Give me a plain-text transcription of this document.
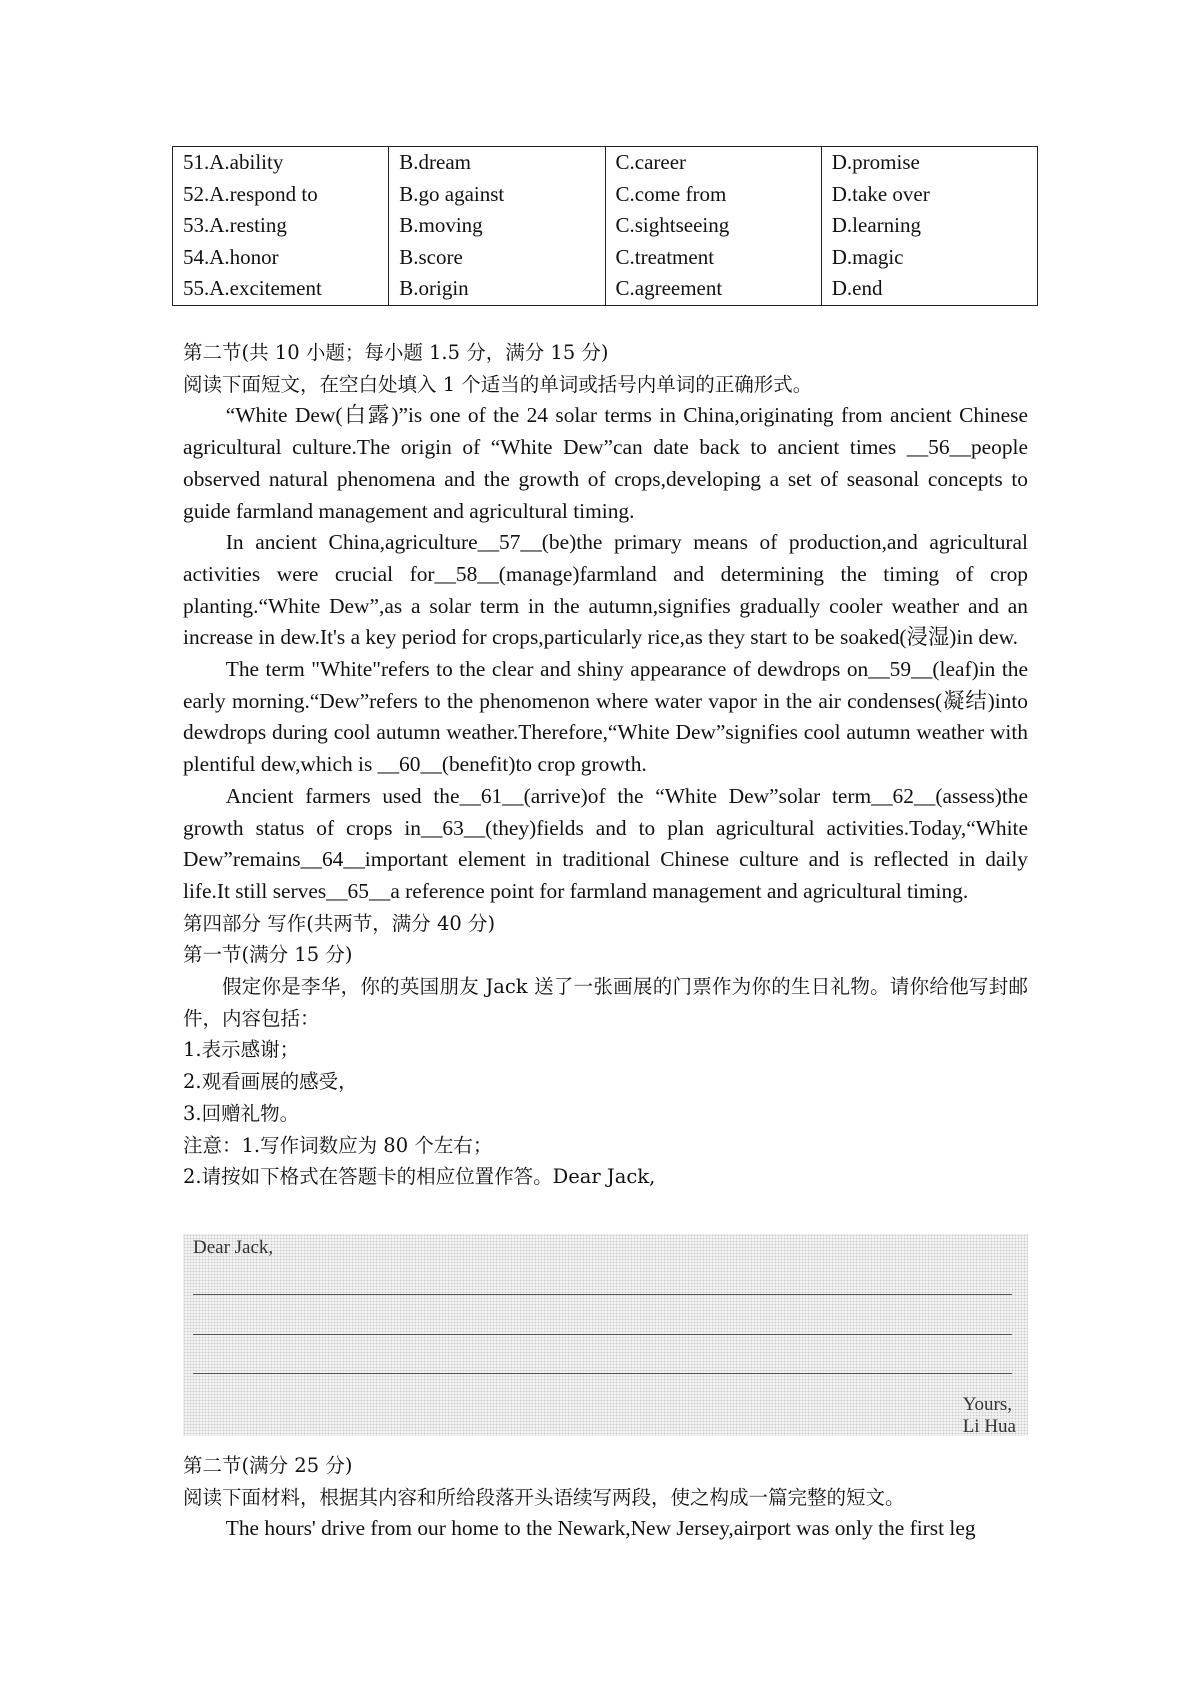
51.A.ability	B.dream	C.career	D.promise
52.A.respond to	B.go against	C.come from	D.take over
53.A.resting	B.moving	C.sightseeing	D.learning
54.A.honor	B.score	C.treatment	D.magic
55.A.excitement	B.origin	C.agreement	D.end
第二节(共 10 小题；每小题 1.5 分，满分 15 分)
阅读下面短文，在空白处填入 1 个适当的单词或括号内单词的正确形式。

“White Dew(白露)”is one of the 24 solar terms in China,originating from ancient Chinese agricultural culture.The origin of “White Dew”can date back to ancient times __56__people observed natural phenomena and the growth of crops,developing a set of seasonal concepts to guide farmland management and agricultural timing.

In ancient China,agriculture__57__(be)the primary means of production,and agricultural activities were crucial for__58__(manage)farmland and determining the timing of crop planting.“White Dew”,as a solar term in the autumn,signifies gradually cooler weather and an increase in dew.It's a key period for crops,particularly rice,as they start to be soaked(浸湿)in dew.

The term "White"refers to the clear and shiny appearance of dewdrops on__59__(leaf)in the early morning.“Dew”refers to the phenomenon where water vapor in the air condenses(凝结)into dewdrops during cool autumn weather.Therefore,“White Dew”signifies cool autumn weather with plentiful dew,which is __60__(benefit)to crop growth.

Ancient farmers used the__61__(arrive)of the “White Dew”solar term__62__(assess)the growth status of crops in__63__(they)fields and to plan agricultural activities.Today,“White Dew”remains__64__important element in traditional Chinese culture and is reflected in daily life.It still serves__65__a reference point for farmland management and agricultural timing.

第四部分 写作(共两节，满分 40 分)
第一节(满分 15 分)

假定你是李华，你的英国朋友 Jack 送了一张画展的门票作为你的生日礼物。请你给他写封邮件，内容包括：

1.表示感谢；
2.观看画展的感受，
3.回赠礼物。
注意：1.写作词数应为 80 个左右；
2.请按如下格式在答题卡的相应位置作答。Dear Jack,
Dear Jack,
Yours,
Li Hua
第二节(满分 25 分)
阅读下面材料，根据其内容和所给段落开头语续写两段，使之构成一篇完整的短文。

The hours' drive from our home to the Newark,New Jersey,airport was only the first leg
